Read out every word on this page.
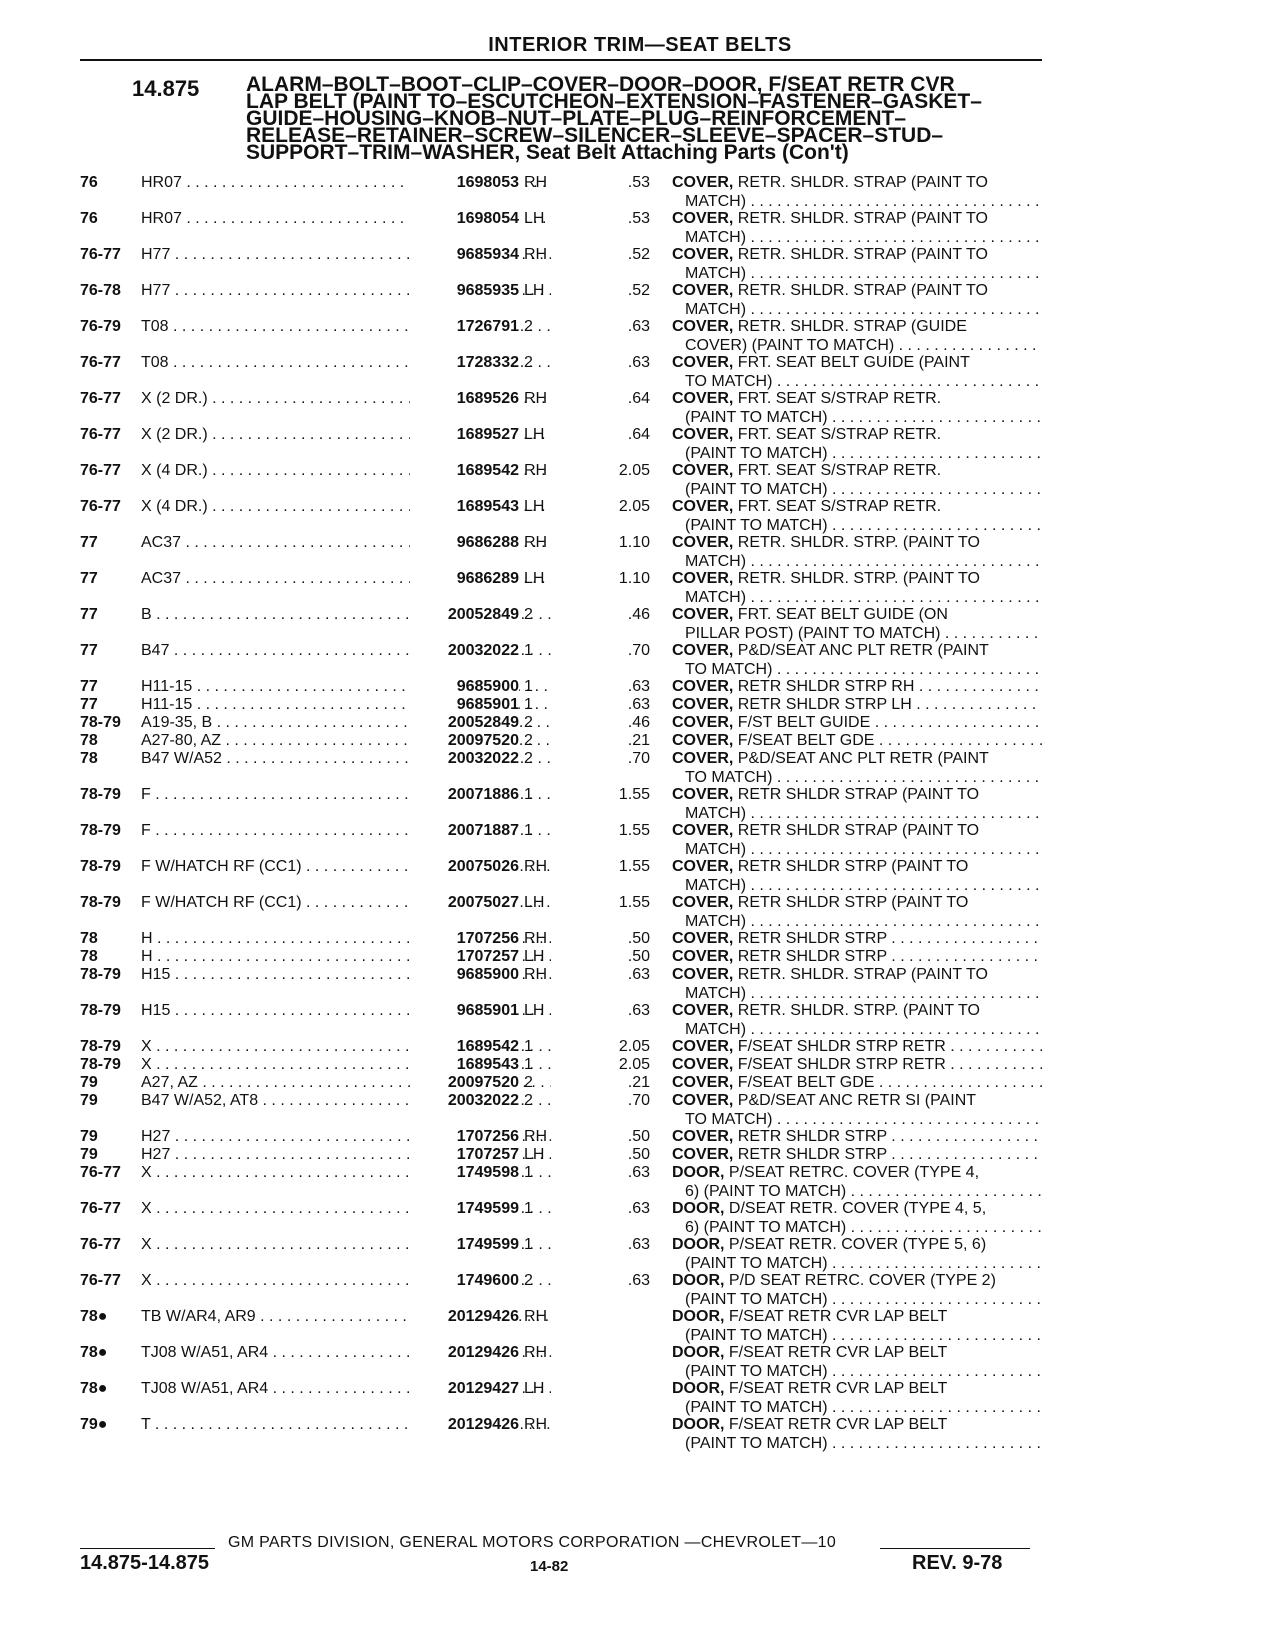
INTERIOR TRIM—SEAT BELTS
14.875 ALARM–BOLT–BOOT–CLIP–COVER–DOOR–DOOR, F/SEAT RETR CVR
LAP BELT (PAINT TO–ESCUTCHEON–EXTENSION–FASTENER–GASKET–
GUIDE–HOUSING–KNOB–NUT–PLATE–PLUG–REINFORCEMENT–
RELEASE–RETAINER–SCREW–SILENCER–SLEEVE–SPACER–STUD–
SUPPORT–TRIM–WASHER, Seat Belt Attaching Parts (Con't)
76	HR07 . . .	1698053 RH	.53 COVER, RETR. SHLDR. STRAP (PAINT TO
MATCH) . . .
76	HR07 . . .	1698054 LH	.53 COVER, RETR. SHLDR. STRAP (PAINT TO
MATCH) . . .
76-77 H77 . . .	9685934 RH	.52 COVER, RETR. SHLDR. STRAP (PAINT TO
MATCH) . . .
76-78 H77 . . .	9685935 LH	.52 COVER, RETR. SHLDR. STRAP (PAINT TO
MATCH) . . .
76-79 T08 . . .	1726791 2	.63 COVER, RETR. SHLDR. STRAP (GUIDE
COVER) (PAINT TO MATCH) . . .
76-77 T08 . . .	1728332 2	.63 COVER, FRT. SEAT BELT GUIDE (PAINT
TO MATCH) . . .
76-77 X (2 DR.) . . .	1689526 RH	.64 COVER, FRT. SEAT S/STRAP RETR.
(PAINT TO MATCH) . . .
76-77 X (2 DR.) . . .	1689527 LH	.64 COVER, FRT. SEAT S/STRAP RETR.
(PAINT TO MATCH) . . .
76-77 X (4 DR.) . . .	1689542 RH	2.05 COVER, FRT. SEAT S/STRAP RETR.
(PAINT TO MATCH) . . .
76-77 X (4 DR.) . . .	1689543 LH	2.05 COVER, FRT. SEAT S/STRAP RETR.
(PAINT TO MATCH) . . .
77	AC37 . . .	9686288 RH	1.10 COVER, RETR. SHLDR. STRP. (PAINT TO
MATCH) . . .
77	AC37 . . .	9686289 LH	1.10 COVER, RETR. SHLDR. STRP. (PAINT TO
MATCH) . . .
77	B . . .	20052849 2	.46 COVER, FRT. SEAT BELT GUIDE (ON
PILLAR POST) (PAINT TO MATCH) . . .
77	B47 . . .	20032022 1	.70 COVER, P&D/SEAT ANC PLT RETR (PAINT
TO MATCH) . . .
77	H11-15 . . .	9685900 1	.63 COVER, RETR SHLDR STRP RH . . .
77	H11-15 . . .	9685901 1	.63 COVER, RETR SHLDR STRP LH . . .
78-79 A19-35, B . . .	20052849 2	.46 COVER, F/ST BELT GUIDE . . .
78	A27-80, AZ . . .	20097520 2	.21 COVER, F/SEAT BELT GDE . . .
78	B47 W/A52 . . .	20032022 2	.70 COVER, P&D/SEAT ANC PLT RETR (PAINT
TO MATCH) . . .
78-79 F . . .	20071886 1	1.55 COVER, RETR SHLDR STRAP (PAINT TO
MATCH) . . .
78-79 F . . .	20071887 1	1.55 COVER, RETR SHLDR STRAP (PAINT TO
MATCH) . . .
78-79 F W/HATCH RF (CC1) . . .	20075026 RH	1.55 COVER, RETR SHLDR STRP (PAINT TO
MATCH) . . .
78-79 F W/HATCH RF (CC1) . . .	20075027 LH	1.55 COVER, RETR SHLDR STRP (PAINT TO
MATCH) . . .
78	H . . .	1707256 RH	.50 COVER, RETR SHLDR STRP . . .
78	H . . .	1707257 LH	.50 COVER, RETR SHLDR STRP . . .
78-79 H15 . . .	9685900 RH	.63 COVER, RETR. SHLDR. STRAP (PAINT TO
MATCH) . . .
78-79 H15 . . .	9685901 LH	.63 COVER, RETR. SHLDR. STRP. (PAINT TO
MATCH) . . .
78-79 X . . .	1689542 1	2.05 COVER, F/SEAT SHLDR STRP RETR . . .
78-79 X . . .	1689543 1	2.05 COVER, F/SEAT SHLDR STRP RETR . . .
79	A27, AZ . . .	20097520 2	.21 COVER, F/SEAT BELT GDE . . .
79	B47 W/A52, AT8 . . .	20032022 2	.70 COVER, P&D/SEAT ANC RETR SI (PAINT
TO MATCH) . . .
79	H27 . . .	1707256 RH	.50 COVER, RETR SHLDR STRP . . .
79	H27 . . .	1707257 LH	.50 COVER, RETR SHLDR STRP . . .
76-77 X . . .	1749598 1	.63 DOOR, P/SEAT RETRC. COVER (TYPE 4,
6) (PAINT TO MATCH) . . .
76-77 X . . .	1749599 1	.63 DOOR, D/SEAT RETR. COVER (TYPE 4, 5,
6) (PAINT TO MATCH) . . .
76-77 X . . .	1749599 1	.63 DOOR, P/SEAT RETR. COVER (TYPE 5, 6)
(PAINT TO MATCH) . . .
76-77 X . . .	1749600 2	.63 DOOR, P/D SEAT RETRC. COVER (TYPE 2)
(PAINT TO MATCH) . . .
78● TB W/AR4, AR9 . . .	20129426 RH	DOOR, F/SEAT RETR CVR LAP BELT
(PAINT TO MATCH) . . .
78● TJ08 W/A51, AR4 . . .	20129426 RH	DOOR, F/SEAT RETR CVR LAP BELT
(PAINT TO MATCH) . . .
78● TJ08 W/A51, AR4 . . .	20129427 LH	DOOR, F/SEAT RETR CVR LAP BELT
(PAINT TO MATCH) . . .
79● T . . .	20129426 RH	DOOR, F/SEAT RETR CVR LAP BELT
(PAINT TO MATCH) . . .
GM PARTS DIVISION, GENERAL MOTORS CORPORATION —CHEVROLET—10
14.875-14.875	14-82	REV. 9-78
